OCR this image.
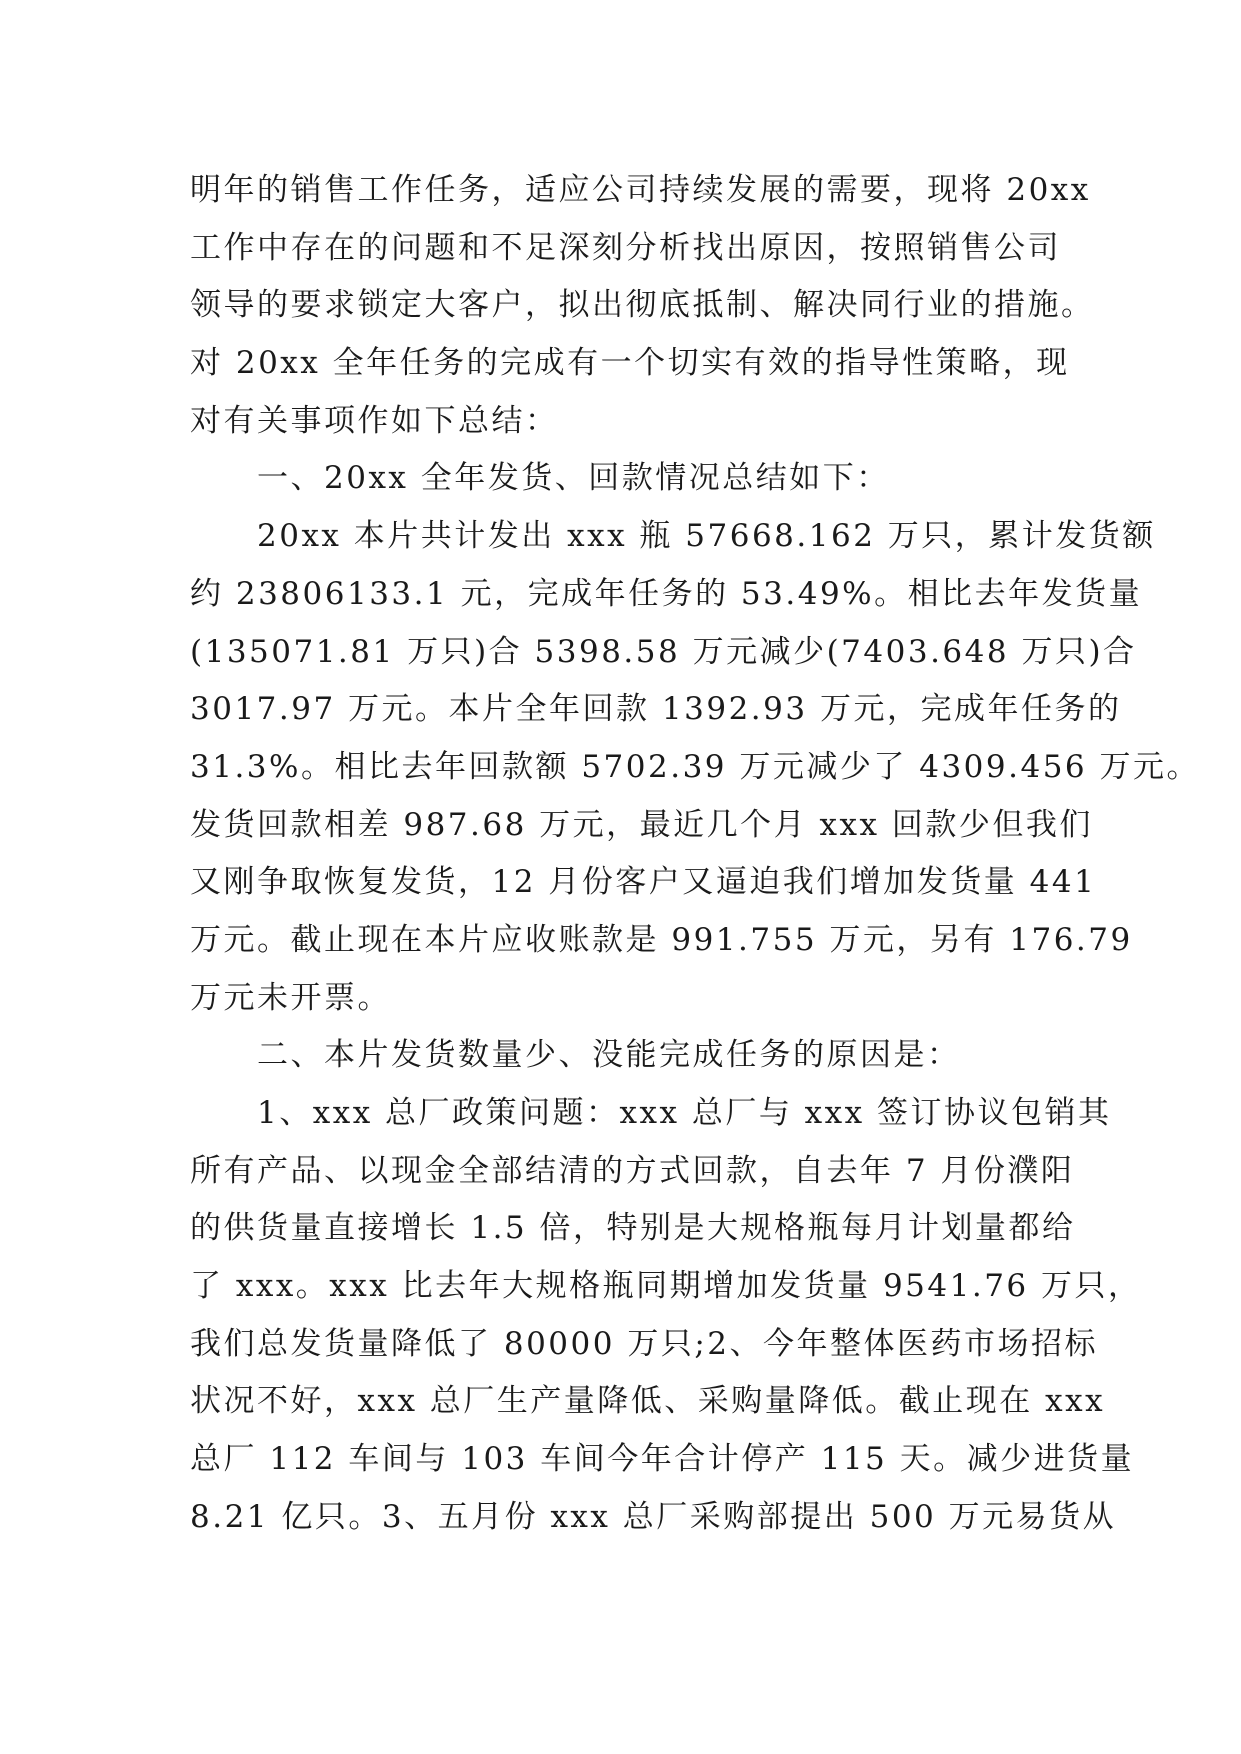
明年的销售工作任务，适应公司持续发展的需要，现将 20xx
工作中存在的问题和不足深刻分析找出原因，按照销售公司
领导的要求锁定大客户，拟出彻底抵制、解决同行业的措施。
对 20xx 全年任务的完成有一个切实有效的指导性策略，现
对有关事项作如下总结：
　　一、20xx 全年发货、回款情况总结如下：
　　20xx 本片共计发出 xxx 瓶 57668.162 万只，累计发货额
约 23806133.1 元，完成年任务的 53.49%。相比去年发货量
(135071.81 万只)合 5398.58 万元减少(7403.648 万只)合
3017.97 万元。本片全年回款 1392.93 万元，完成年任务的
31.3%。相比去年回款额 5702.39 万元减少了 4309.456 万元。
发货回款相差 987.68 万元，最近几个月 xxx 回款少但我们
又刚争取恢复发货，12 月份客户又逼迫我们增加发货量 441
万元。截止现在本片应收账款是 991.755 万元，另有 176.79
万元未开票。
　　二、本片发货数量少、没能完成任务的原因是：
　　1、xxx 总厂政策问题：xxx 总厂与 xxx 签订协议包销其
所有产品、以现金全部结清的方式回款，自去年 7 月份濮阳
的供货量直接增长 1.5 倍，特别是大规格瓶每月计划量都给
了 xxx。xxx 比去年大规格瓶同期增加发货量 9541.76 万只，
我们总发货量降低了 80000 万只;2、今年整体医药市场招标
状况不好，xxx 总厂生产量降低、采购量降低。截止现在 xxx
总厂 112 车间与 103 车间今年合计停产 115 天。减少进货量
8.21 亿只。3、五月份 xxx 总厂采购部提出 500 万元易货从
